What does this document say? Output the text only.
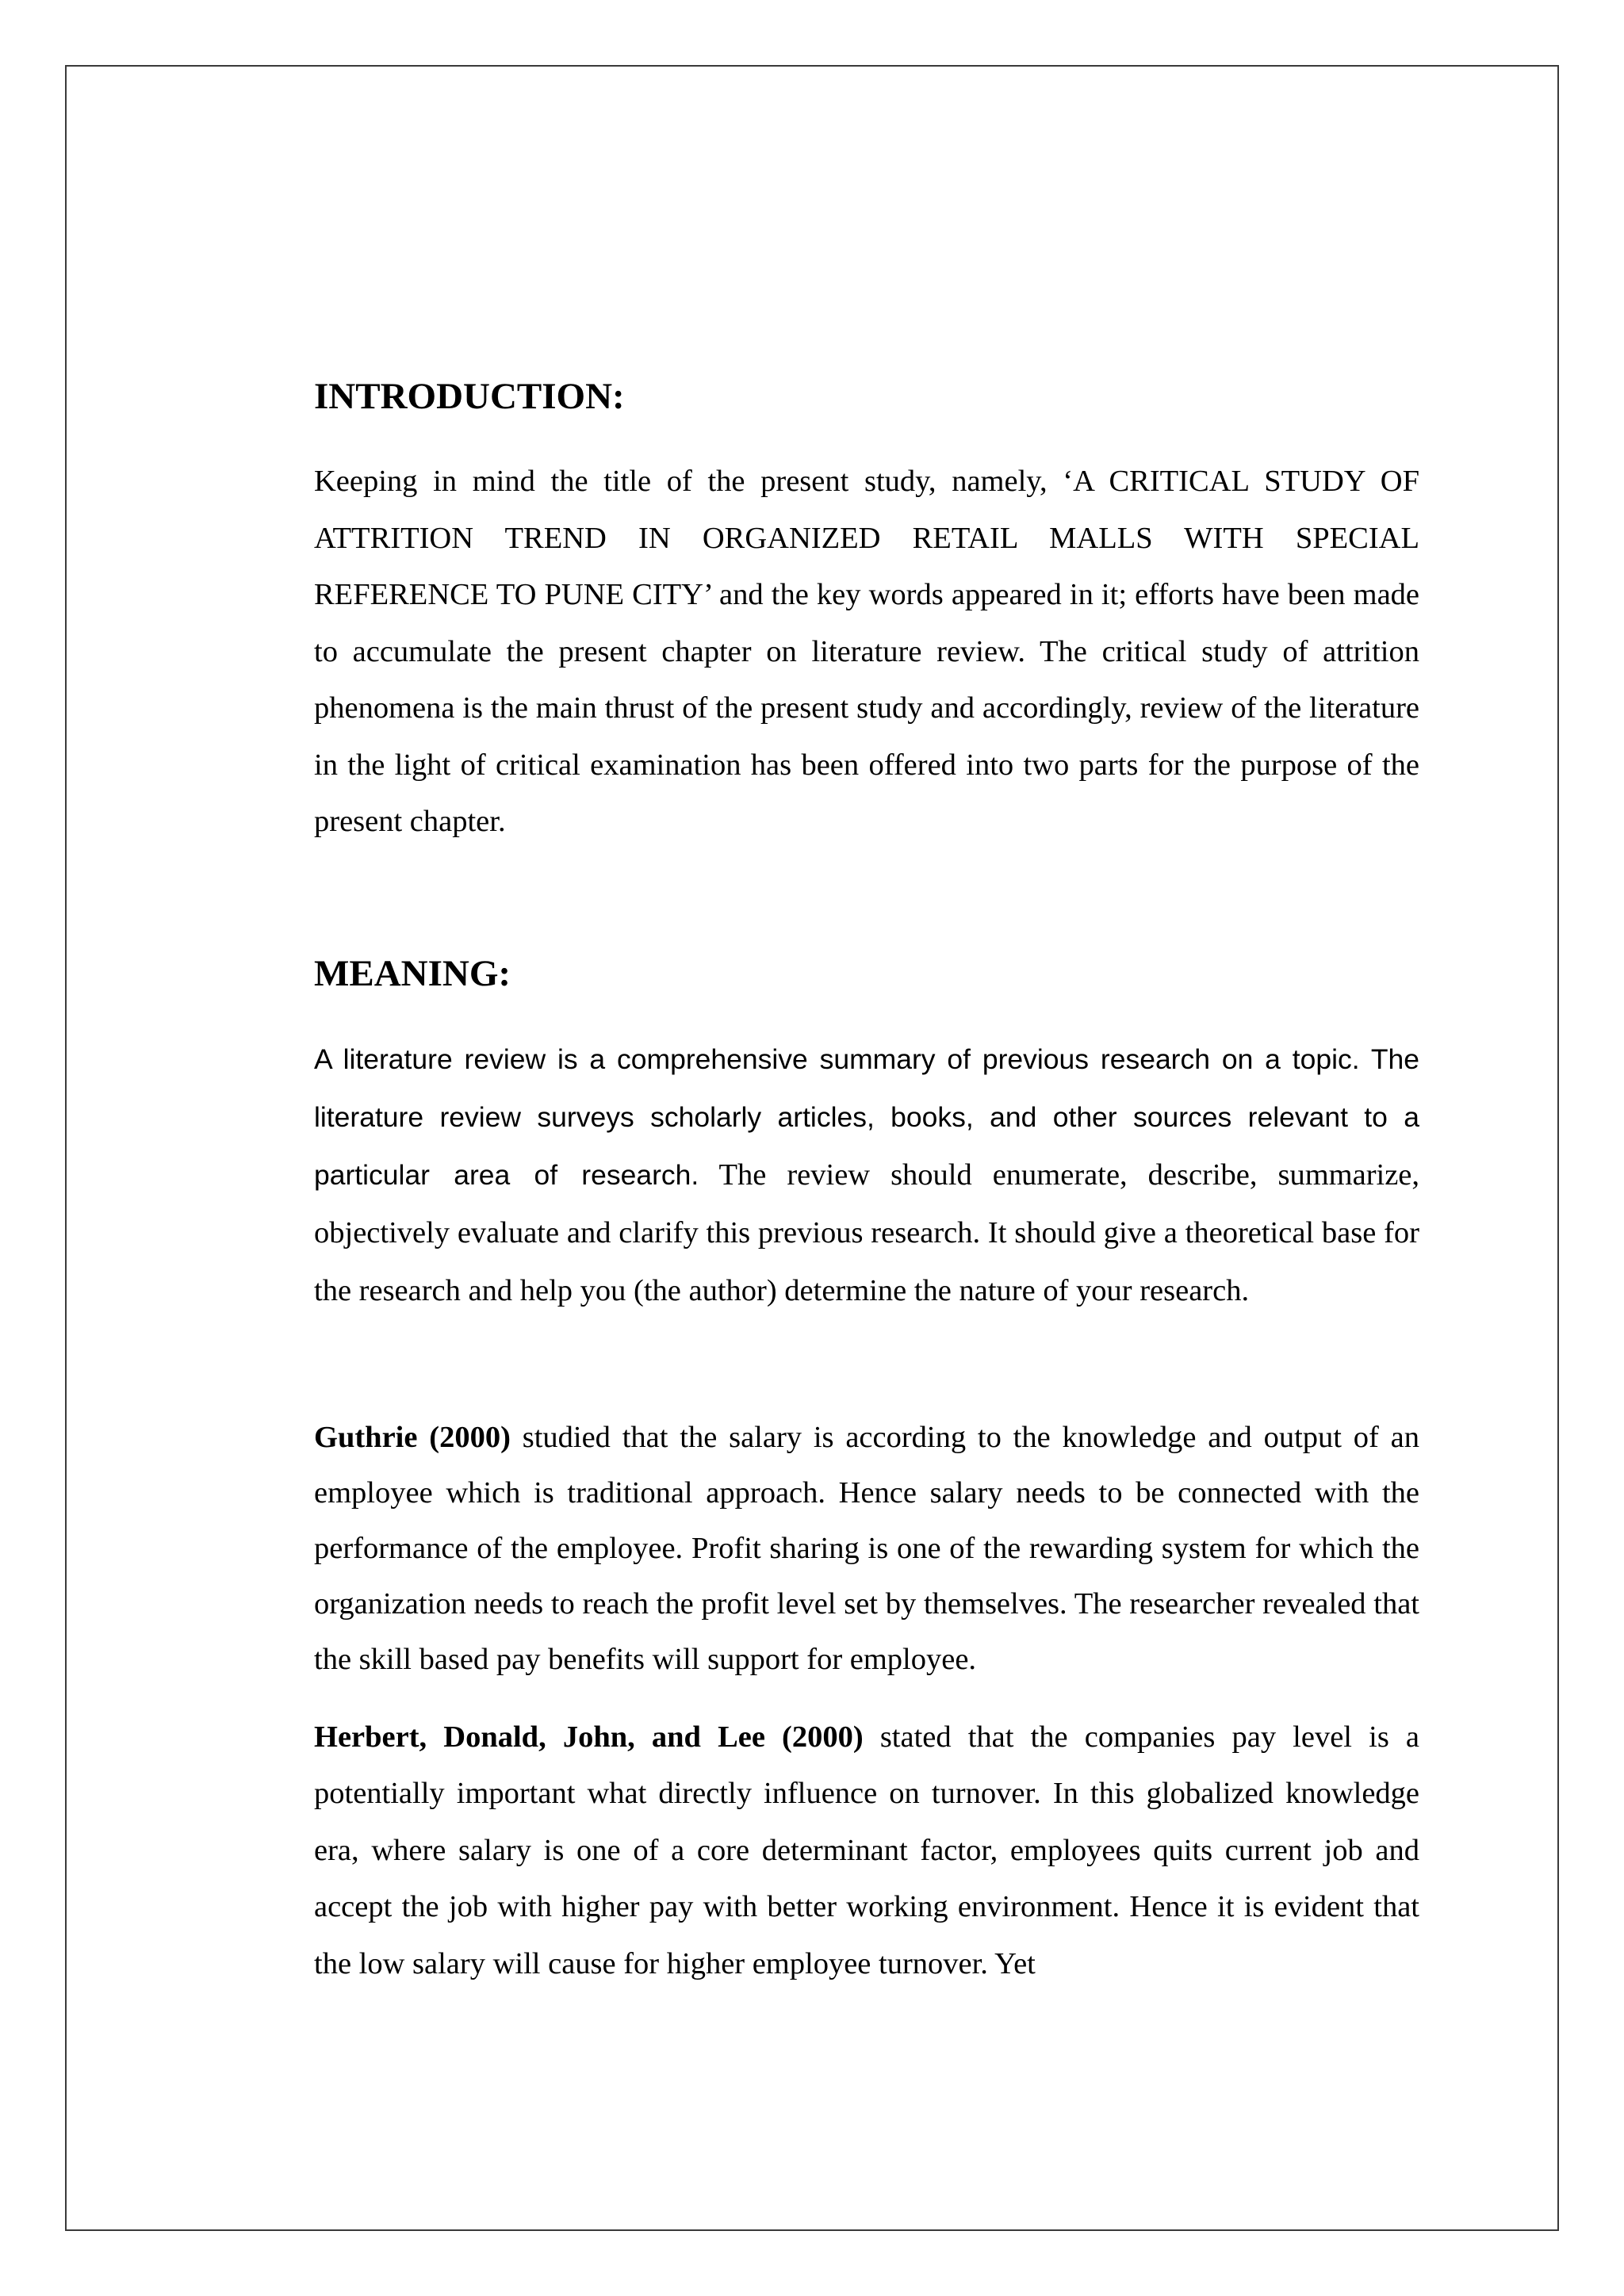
INTRODUCTION:

Keeping in mind the title of the present study, namely, ‘A CRITICAL STUDY OF ATTRITION TREND IN ORGANIZED RETAIL MALLS WITH SPECIAL REFERENCE TO PUNE CITY’ and the key words appeared in it; efforts have been made to accumulate the present chapter on literature review. The critical study of attrition phenomena is the main thrust of the present study and accordingly, review of the literature in the light of critical examination has been offered into two parts for the purpose of the present chapter.

MEANING:

A literature review is a comprehensive summary of previous research on a topic. The literature review surveys scholarly articles, books, and other sources relevant to a particular area of research. The review should enumerate, describe, summarize, objectively evaluate and clarify this previous research. It should give a theoretical base for the research and help you (the author) determine the nature of your research.

Guthrie (2000) studied that the salary is according to the knowledge and output of an employee which is traditional approach. Hence salary needs to be connected with the performance of the employee. Profit sharing is one of the rewarding system for which the organization needs to reach the profit level set by themselves. The researcher revealed that the skill based pay benefits will support for employee.

Herbert, Donald, John, and Lee (2000) stated that the companies pay level is a potentially important what directly influence on turnover. In this globalized knowledge era, where salary is one of a core determinant factor, employees quits current job and accept the job with higher pay with better working environment. Hence it is evident that the low salary will cause for higher employee turnover. Yet
